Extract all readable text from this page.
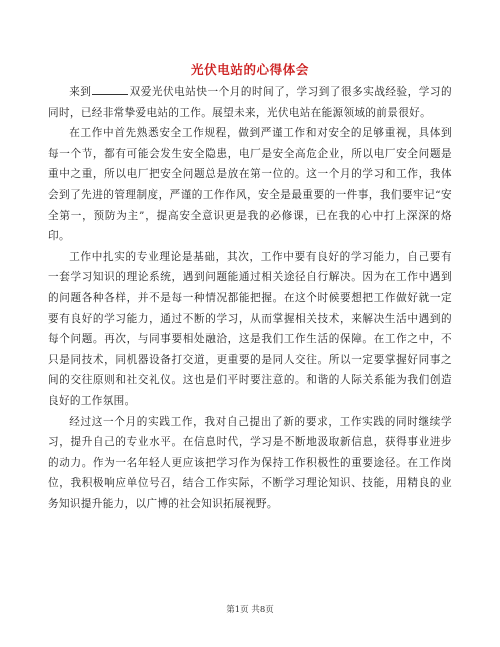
光伏电站的心得体会

来到	双爱光伏电站快一个月的时间了，学习到了很多实战经验，学习的同时，已经非常挚爱电站的工作。展望未来，光伏电站在能源领域的前景很好。

在工作中首先熟悉安全工作规程，做到严谨工作和对安全的足够重视，具体到每一个节，都有可能会发生安全隐患，电厂是安全高危企业，所以电厂安全问题是重中之重，所以电厂把安全问题总是放在第一位的。这一个月的学习和工作，我体会到了先进的管理制度，严谨的工作作风，安全是最重要的一件事，我们要牢记“安全第一，预防为主”，提高安全意识更是我的必修课，已在我的心中打上深深的烙印。

工作中扎实的专业理论是基础，其次，工作中要有良好的学习能力，自己要有一套学习知识的理论系统，遇到问题能通过相关途径自行解决。因为在工作中遇到的问题各种各样，并不是每一种情况都能把握。在这个时候要想把工作做好就一定要有良好的学习能力，通过不断的学习，从而掌握相关技术，来解决生活中遇到的每个问题。再次，与同事要相处融洽，这是我们工作生活的保障。在工作之中，不只是同技术，同机器设备打交道，更重要的是同人交往。所以一定要掌握好同事之间的交往原则和社交礼仪。这也是们平时要注意的。和谐的人际关系能为我们创造良好的工作氛围。

经过这一个月的实践工作，我对自己提出了新的要求，工作实践的同时继续学习，提升自己的专业水平。在信息时代，学习是不断地汲取新信息，获得事业进步的动力。作为一名年轻人更应该把学习作为保持工作积极性的重要途径。在工作岗位，我积极响应单位号召，结合工作实际，不断学习理论知识、技能，用精良的业务知识提升能力，以广博的社会知识拓展视野。

第1页 共8页
